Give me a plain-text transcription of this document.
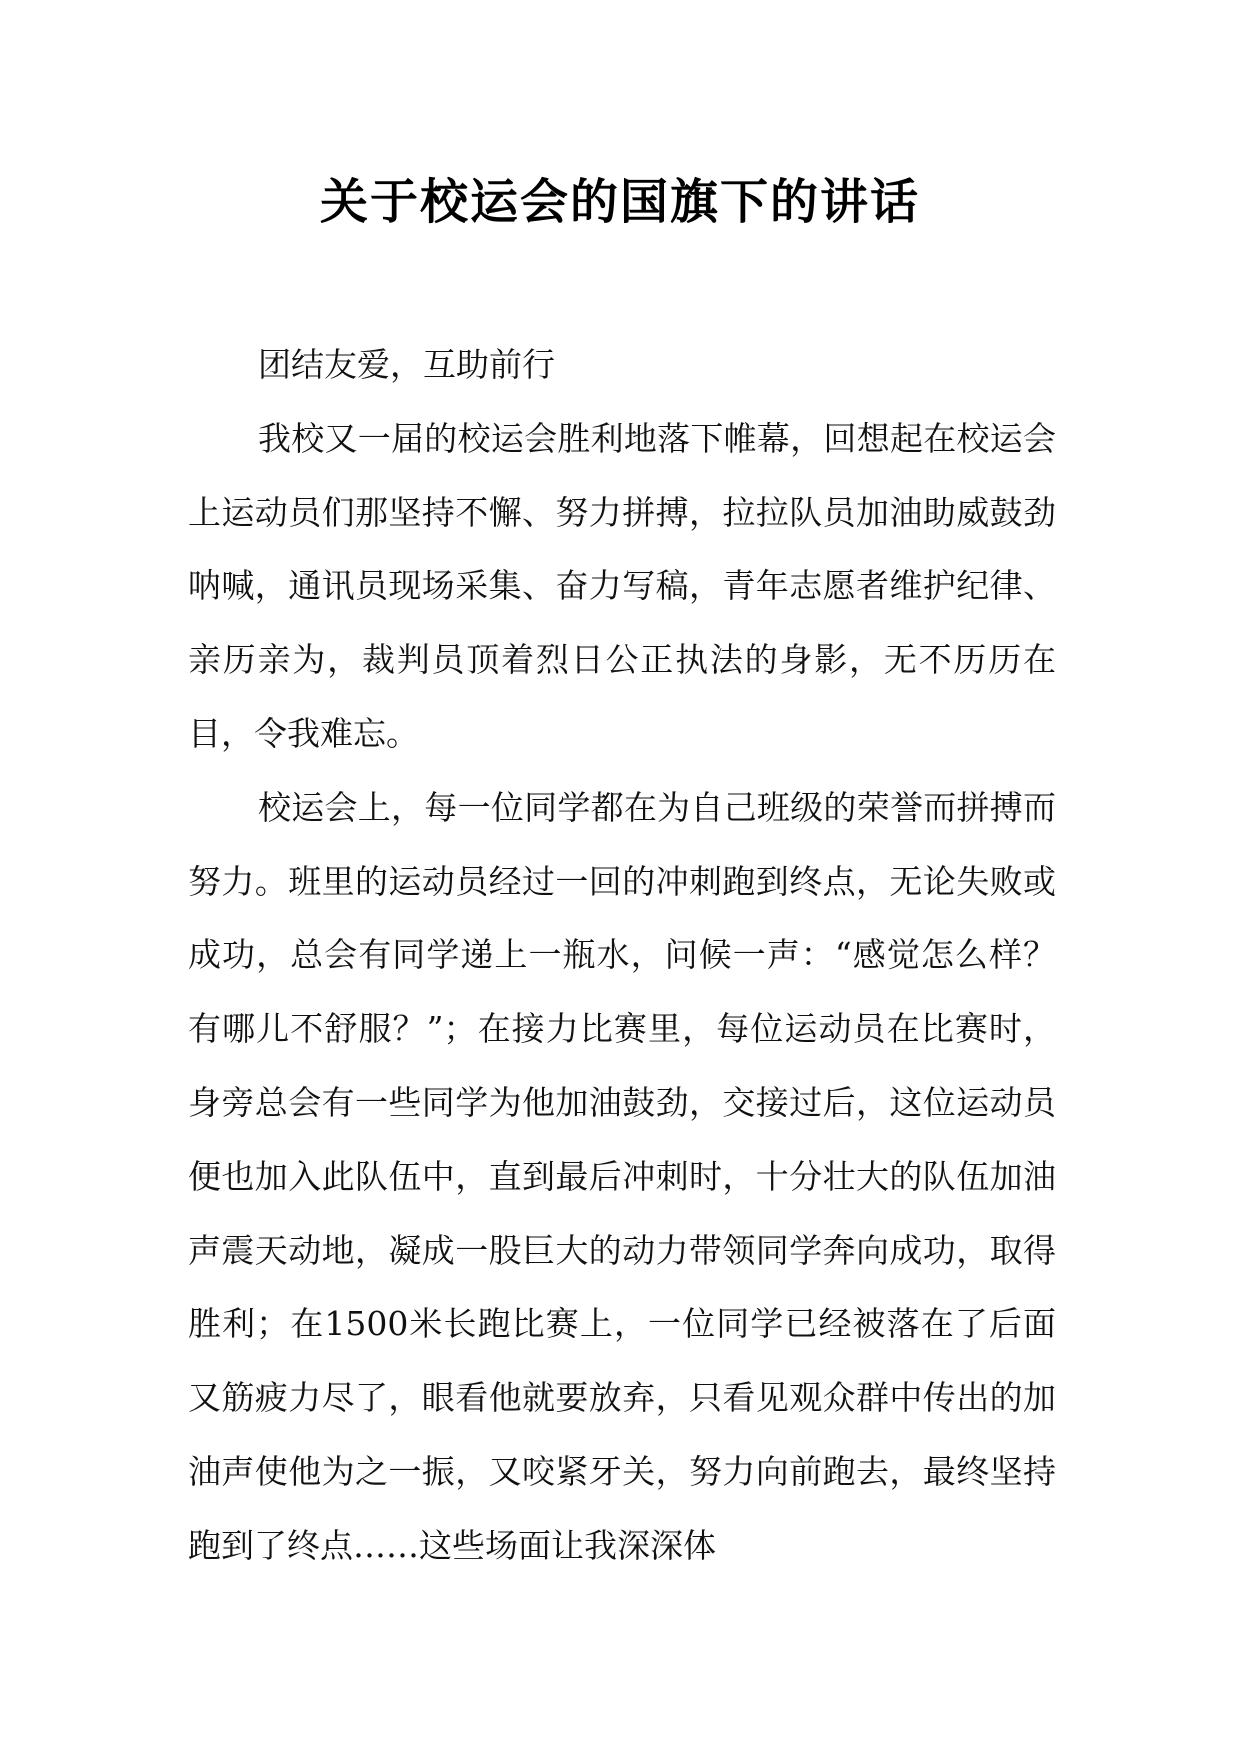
关于校运会的国旗下的讲话

团结友爱，互助前行

我校又一届的校运会胜利地落下帷幕，回想起在校运会上运动员们那坚持不懈、努力拼搏，拉拉队员加油助威鼓劲呐喊，通讯员现场采集、奋力写稿，青年志愿者维护纪律、亲历亲为，裁判员顶着烈日公正执法的身影，无不历历在目，令我难忘。

校运会上，每一位同学都在为自己班级的荣誉而拼搏而努力。班里的运动员经过一回的冲刺跑到终点，无论失败或成功，总会有同学递上一瓶水，问候一声：“感觉怎么样？有哪儿不舒服？”；在接力比赛里，每位运动员在比赛时，身旁总会有一些同学为他加油鼓劲，交接过后，这位运动员便也加入此队伍中，直到最后冲刺时，十分壮大的队伍加油声震天动地，凝成一股巨大的动力带领同学奔向成功，取得胜利；在1500米长跑比赛上，一位同学已经被落在了后面又筋疲力尽了，眼看他就要放弃，只看见观众群中传出的加油声使他为之一振，又咬紧牙关，努力向前跑去，最终坚持跑到了终点……这些场面让我深深体
